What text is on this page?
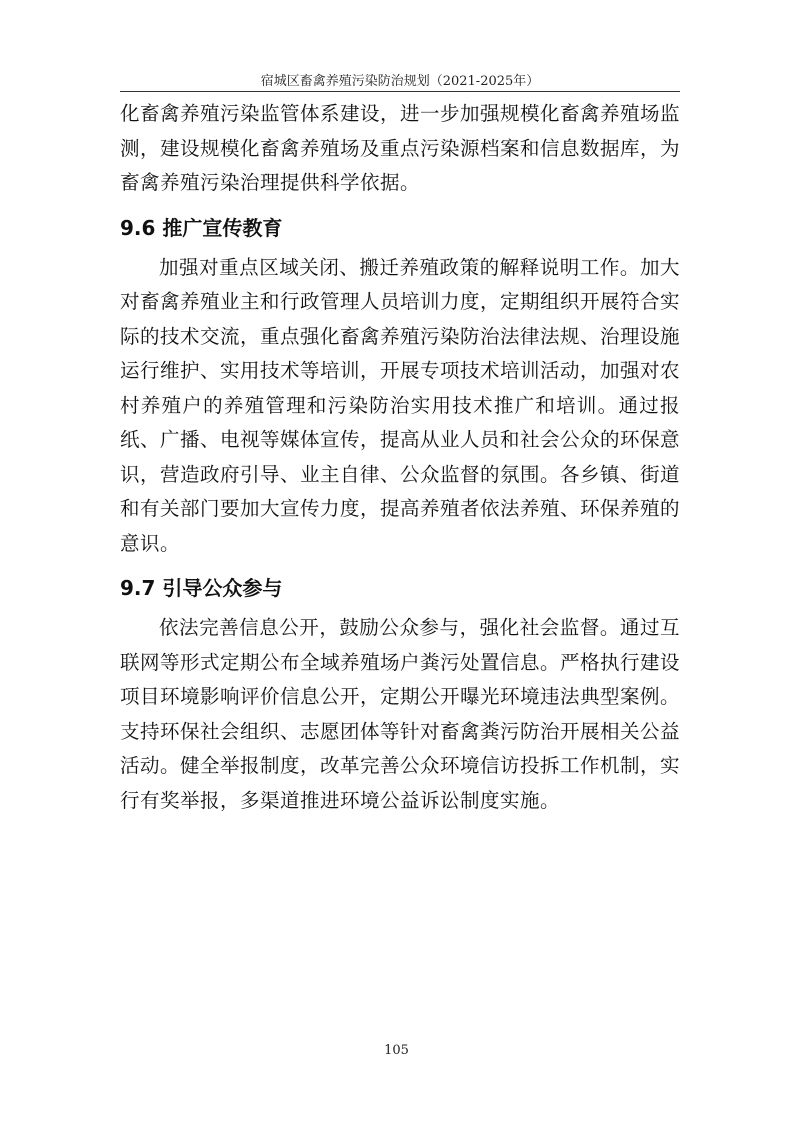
宿城区畜禽养殖污染防治规划（2021-2025年）

化畜禽养殖污染监管体系建设，进一步加强规模化畜禽养殖场监测，建设规模化畜禽养殖场及重点污染源档案和信息数据库，为畜禽养殖污染治理提供科学依据。

9.6 推广宣传教育

加强对重点区域关闭、搬迁养殖政策的解释说明工作。加大对畜禽养殖业主和行政管理人员培训力度，定期组织开展符合实际的技术交流，重点强化畜禽养殖污染防治法律法规、治理设施运行维护、实用技术等培训，开展专项技术培训活动，加强对农村养殖户的养殖管理和污染防治实用技术推广和培训。通过报纸、广播、电视等媒体宣传，提高从业人员和社会公众的环保意识，营造政府引导、业主自律、公众监督的氛围。各乡镇、街道和有关部门要加大宣传力度，提高养殖者依法养殖、环保养殖的意识。

9.7 引导公众参与

依法完善信息公开，鼓励公众参与，强化社会监督。通过互联网等形式定期公布全域养殖场户粪污处置信息。严格执行建设项目环境影响评价信息公开，定期公开曝光环境违法典型案例。支持环保社会组织、志愿团体等针对畜禽粪污防治开展相关公益活动。健全举报制度，改革完善公众环境信访投拆工作机制，实行有奖举报，多渠道推进环境公益诉讼制度实施。

105
